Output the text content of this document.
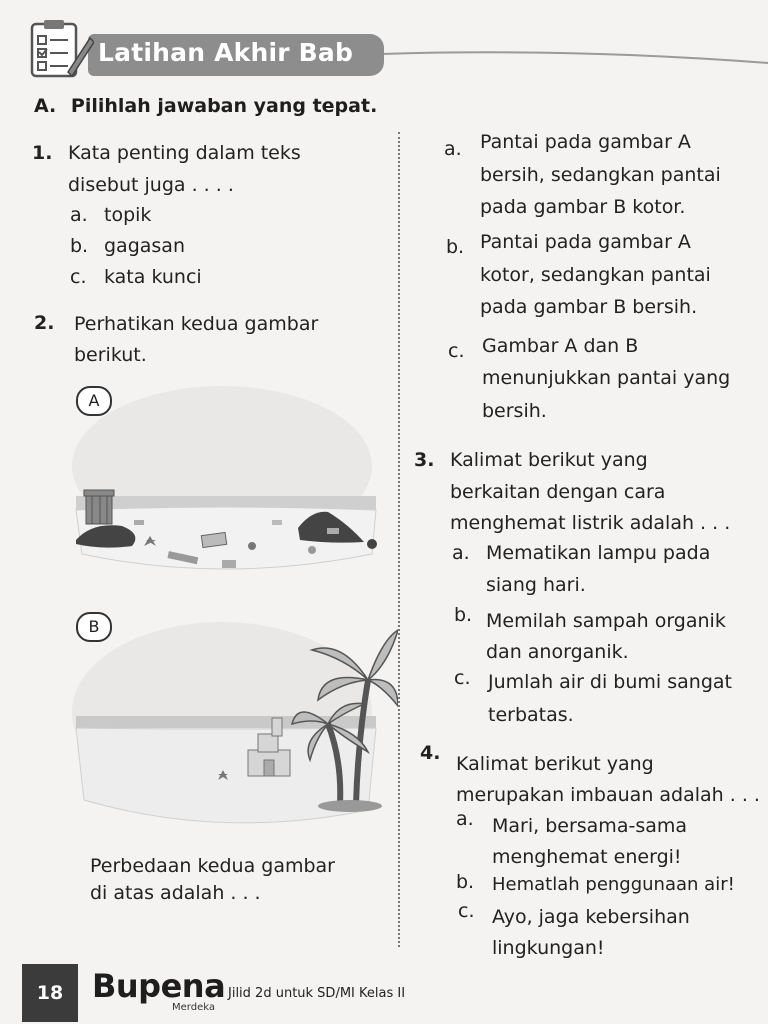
Latihan Akhir Bab
A. Pilihlah jawaban yang tepat.
1. Kata penting dalam teks
disebut juga . . . .
a. topik
b. gagasan
c. kata kunci
2. Perhatikan kedua gambar
berikut.
A
B
Perbedaan kedua gambar
di atas adalah . . .
a. Pantai pada gambar A
bersih, sedangkan pantai
pada gambar B kotor.
b. Pantai pada gambar A
kotor, sedangkan pantai
pada gambar B bersih.
c. Gambar A dan B
menunjukkan pantai yang
bersih.
3. Kalimat berikut yang
berkaitan dengan cara
menghemat listrik adalah . . .
a. Mematikan lampu pada
siang hari.
b. Memilah sampah organik
dan anorganik.
c. Jumlah air di bumi sangat
terbatas.
4. Kalimat berikut yang
merupakan imbauan adalah . . .
a. Mari, bersama-sama
menghemat energi!
b. Hematlah penggunaan air!
c. Ayo, jaga kebersihan
lingkungan!
18 Bupena
Merdeka
Jilid 2d untuk SD/MI Kelas II
